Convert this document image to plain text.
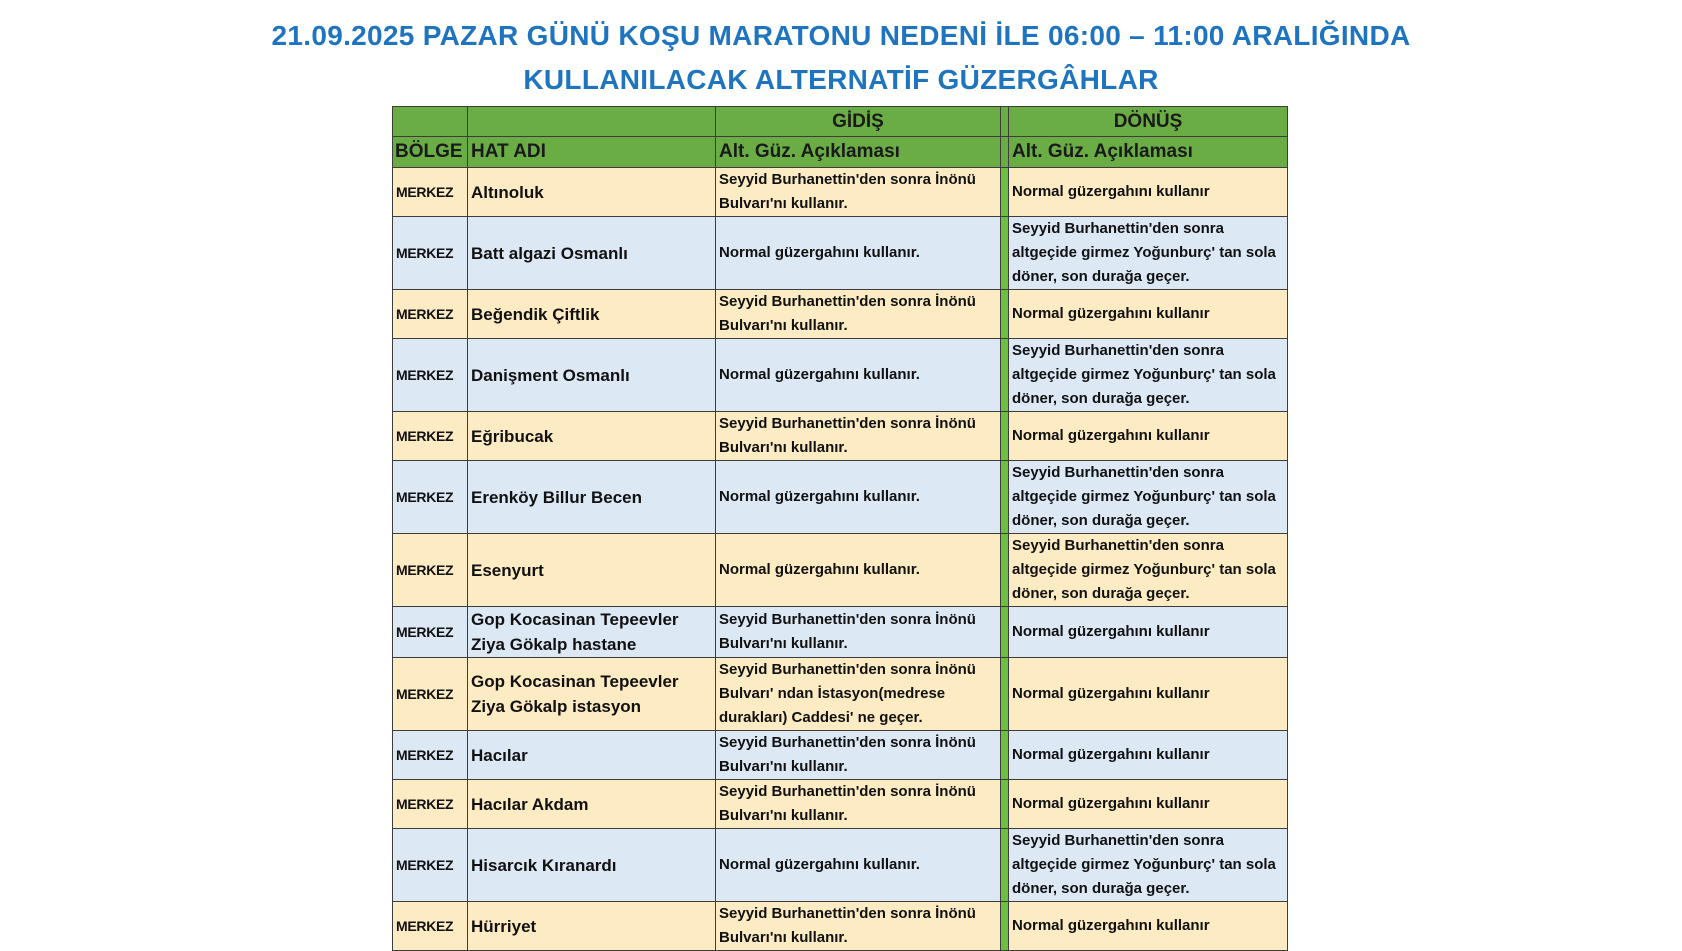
21.09.2025 PAZAR GÜNÜ KOŞU MARATONU NEDENİ İLE 06:00 – 11:00 ARALIĞINDA
KULLANILACAK ALTERNATİF GÜZERGÂHLAR
		GİDİŞ		DÖNÜŞ
BÖLGE	HAT ADI	Alt. Güz. Açıklaması		Alt. Güz. Açıklaması
MERKEZ	Altınoluk	Seyyid Burhanettin'den sonra İnönü Bulvarı'nı kullanır.		Normal güzergahını kullanır
MERKEZ	Batt algazi Osmanlı	Normal güzergahını kullanır.		Seyyid Burhanettin'den sonra altgeçide girmez Yoğunburç' tan sola döner, son durağa geçer.
MERKEZ	Beğendik Çiftlik	Seyyid Burhanettin'den sonra İnönü Bulvarı'nı kullanır.		Normal güzergahını kullanır
MERKEZ	Danişment Osmanlı	Normal güzergahını kullanır.		Seyyid Burhanettin'den sonra altgeçide girmez Yoğunburç' tan sola döner, son durağa geçer.
MERKEZ	Eğribucak	Seyyid Burhanettin'den sonra İnönü Bulvarı'nı kullanır.		Normal güzergahını kullanır
MERKEZ	Erenköy Billur Becen	Normal güzergahını kullanır.		Seyyid Burhanettin'den sonra altgeçide girmez Yoğunburç' tan sola döner, son durağa geçer.
MERKEZ	Esenyurt	Normal güzergahını kullanır.		Seyyid Burhanettin'den sonra altgeçide girmez Yoğunburç' tan sola döner, son durağa geçer.
MERKEZ	Gop Kocasinan Tepeevler Ziya Gökalp hastane	Seyyid Burhanettin'den sonra İnönü Bulvarı'nı kullanır.		Normal güzergahını kullanır
MERKEZ	Gop Kocasinan Tepeevler Ziya Gökalp istasyon	Seyyid Burhanettin'den sonra İnönü Bulvarı' ndan İstasyon(medrese durakları) Caddesi' ne geçer.		Normal güzergahını kullanır
MERKEZ	Hacılar	Seyyid Burhanettin'den sonra İnönü Bulvarı'nı kullanır.		Normal güzergahını kullanır
MERKEZ	Hacılar Akdam	Seyyid Burhanettin'den sonra İnönü Bulvarı'nı kullanır.		Normal güzergahını kullanır
MERKEZ	Hisarcık Kıranardı	Normal güzergahını kullanır.		Seyyid Burhanettin'den sonra altgeçide girmez Yoğunburç' tan sola döner, son durağa geçer.
MERKEZ	Hürriyet	Seyyid Burhanettin'den sonra İnönü Bulvarı'nı kullanır.		Normal güzergahını kullanır
